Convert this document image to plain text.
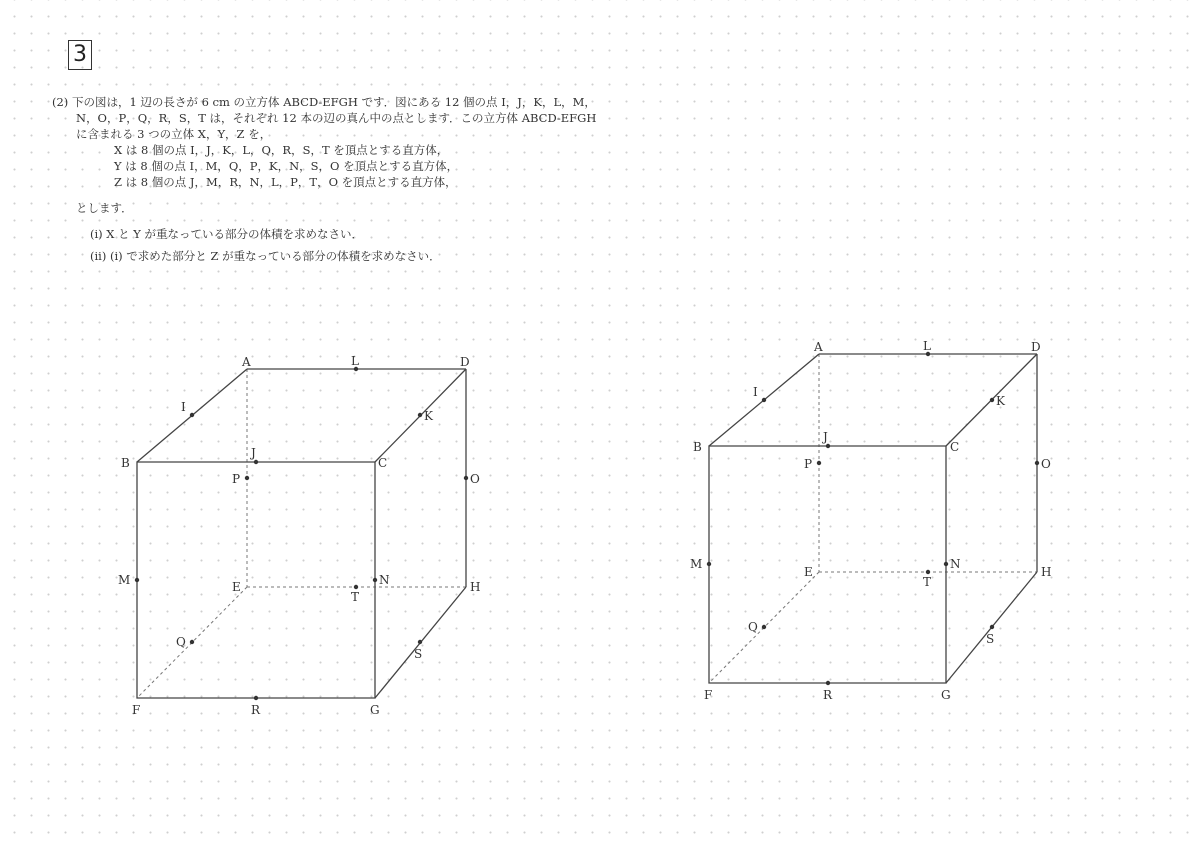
3
(2) 下の図は，1 辺の長さが 6 cm の立方体 ABCD-EFGH です．図にある 12 個の点 I，J，K，L，M，
N，O，P，Q，R，S，T は，それぞれ 12 本の辺の真ん中の点とします．この立方体 ABCD-EFGH
に含まれる 3 つの立体 X，Y，Z を，
X は 8 個の点 I，J，K，L，Q，R，S，T を頂点とする直方体，
Y は 8 個の点 I，M，Q，P，K，N，S，O を頂点とする直方体，
Z は 8 個の点 J，M，R，N，L，P，T，O を頂点とする直方体，
とします．
(i) X と Y が重なっている部分の体積を求めなさい．
(ii) (i) で求めた部分と Z が重なっている部分の体積を求めなさい．
A
B	C
D
E
F	G
H
I
J
K
L
M	N
O
P
Q
R
S
T
A
B	C
D
E
F	G
H
I
J
K
L
M	N
O
P
Q
R
S
T
